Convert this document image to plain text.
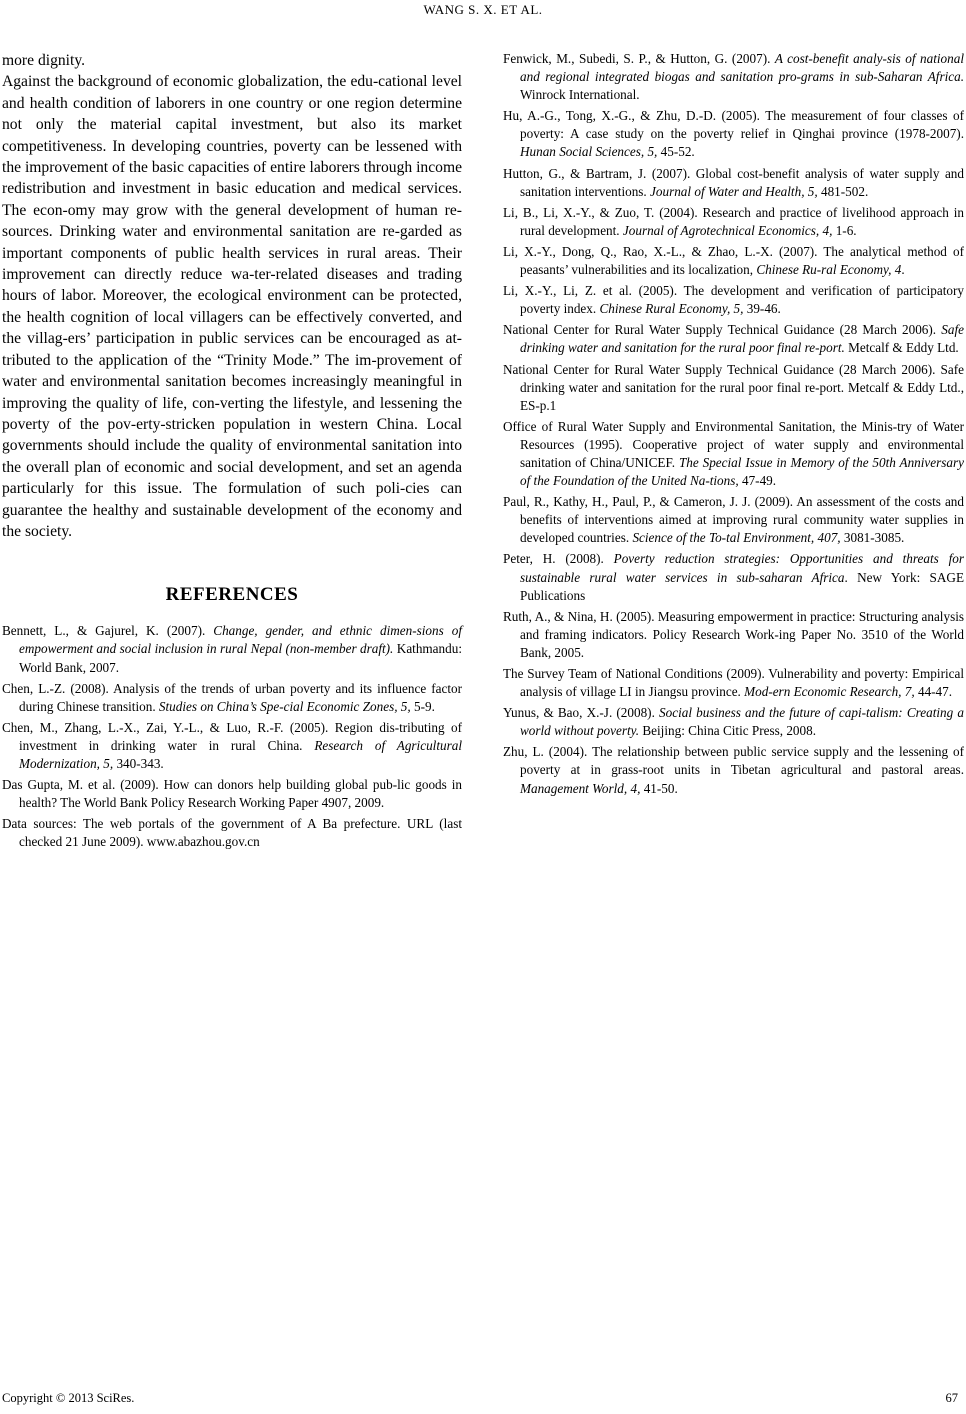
WANG S. X. ET AL.

more dignity.

Against the background of economic globalization, the edu-cational level and health condition of laborers in one country or one region determine not only the material capital investment, but also its market competitiveness. In developing countries, poverty can be lessened with the improvement of the basic capacities of entire laborers through income redistribution and investment in basic education and medical services. The econ-omy may grow with the general development of human re-sources. Drinking water and environmental sanitation are re-garded as important components of public health services in rural areas. Their improvement can directly reduce wa-ter-related diseases and trading hours of labor. Moreover, the ecological environment can be protected, the health cognition of local villagers can be effectively converted, and the villag-ers’ participation in public services can be encouraged as at-tributed to the application of the “Trinity Mode.” The im-provement of water and environmental sanitation becomes increasingly meaningful in improving the quality of life, con-verting the lifestyle, and lessening the poverty of the pov-erty-stricken population in western China. Local governments should include the quality of environmental sanitation into the overall plan of economic and social development, and set an agenda particularly for this issue. The formulation of such poli-cies can guarantee the healthy and sustainable development of the economy and the society.

REFERENCES

Bennett, L., & Gajurel, K. (2007). Change, gender, and ethnic dimen-sions of empowerment and social inclusion in rural Nepal (non-member draft). Kathmandu: World Bank, 2007.

Chen, L.-Z. (2008). Analysis of the trends of urban poverty and its influence factor during Chinese transition. Studies on China’s Spe-cial Economic Zones, 5, 5-9.

Chen, M., Zhang, L.-X., Zai, Y.-L., & Luo, R.-F. (2005). Region dis-tributing of investment in drinking water in rural China. Research of Agricultural Modernization, 5, 340-343.

Das Gupta, M. et al. (2009). How can donors help building global pub-lic goods in health? The World Bank Policy Research Working Paper 4907, 2009.

Data sources: The web portals of the government of A Ba prefecture. URL (last checked 21 June 2009). www.abazhou.gov.cn

Fenwick, M., Subedi, S. P., & Hutton, G. (2007). A cost-benefit analy-sis of national and regional integrated biogas and sanitation pro-grams in sub-Saharan Africa. Winrock International.

Hu, A.-G., Tong, X.-G., & Zhu, D.-D. (2005). The measurement of four classes of poverty: A case study on the poverty relief in Qinghai province (1978-2007). Hunan Social Sciences, 5, 45-52.

Hutton, G., & Bartram, J. (2007). Global cost-benefit analysis of water supply and sanitation interventions. Journal of Water and Health, 5, 481-502.

Li, B., Li, X.-Y., & Zuo, T. (2004). Research and practice of livelihood approach in rural development. Journal of Agrotechnical Economics, 4, 1-6.

Li, X.-Y., Dong, Q., Rao, X.-L., & Zhao, L.-X. (2007). The analytical method of peasants’ vulnerabilities and its localization, Chinese Ru-ral Economy, 4.

Li, X.-Y., Li, Z. et al. (2005). The development and verification of participatory poverty index. Chinese Rural Economy, 5, 39-46.

National Center for Rural Water Supply Technical Guidance (28 March 2006). Safe drinking water and sanitation for the rural poor final re-port. Metcalf & Eddy Ltd.

National Center for Rural Water Supply Technical Guidance (28 March 2006). Safe drinking water and sanitation for the rural poor final re-port. Metcalf & Eddy Ltd., ES-p.1

Office of Rural Water Supply and Environmental Sanitation, the Minis-try of Water Resources (1995). Cooperative project of water supply and environmental sanitation of China/UNICEF. The Special Issue in Memory of the 50th Anniversary of the Foundation of the United Na-tions, 47-49.

Paul, R., Kathy, H., Paul, P., & Cameron, J. J. (2009). An assessment of the costs and benefits of interventions aimed at improving rural community water supplies in developed countries. Science of the To-tal Environment, 407, 3081-3085.

Peter, H. (2008). Poverty reduction strategies: Opportunities and threats for sustainable rural water services in sub-saharan Africa. New York: SAGE Publications

Ruth, A., & Nina, H. (2005). Measuring empowerment in practice: Structuring analysis and framing indicators. Policy Research Work-ing Paper No. 3510 of the World Bank, 2005.

The Survey Team of National Conditions (2009). Vulnerability and poverty: Empirical analysis of village LI in Jiangsu province. Mod-ern Economic Research, 7, 44-47.

Yunus, & Bao, X.-J. (2008). Social business and the future of capi-talism: Creating a world without poverty. Beijing: China Citic Press, 2008.

Zhu, L. (2004). The relationship between public service supply and the lessening of poverty at in grass-root units in Tibetan agricultural and pastoral areas. Management World, 4, 41-50.

Copyright © 2013 SciRes.	67
